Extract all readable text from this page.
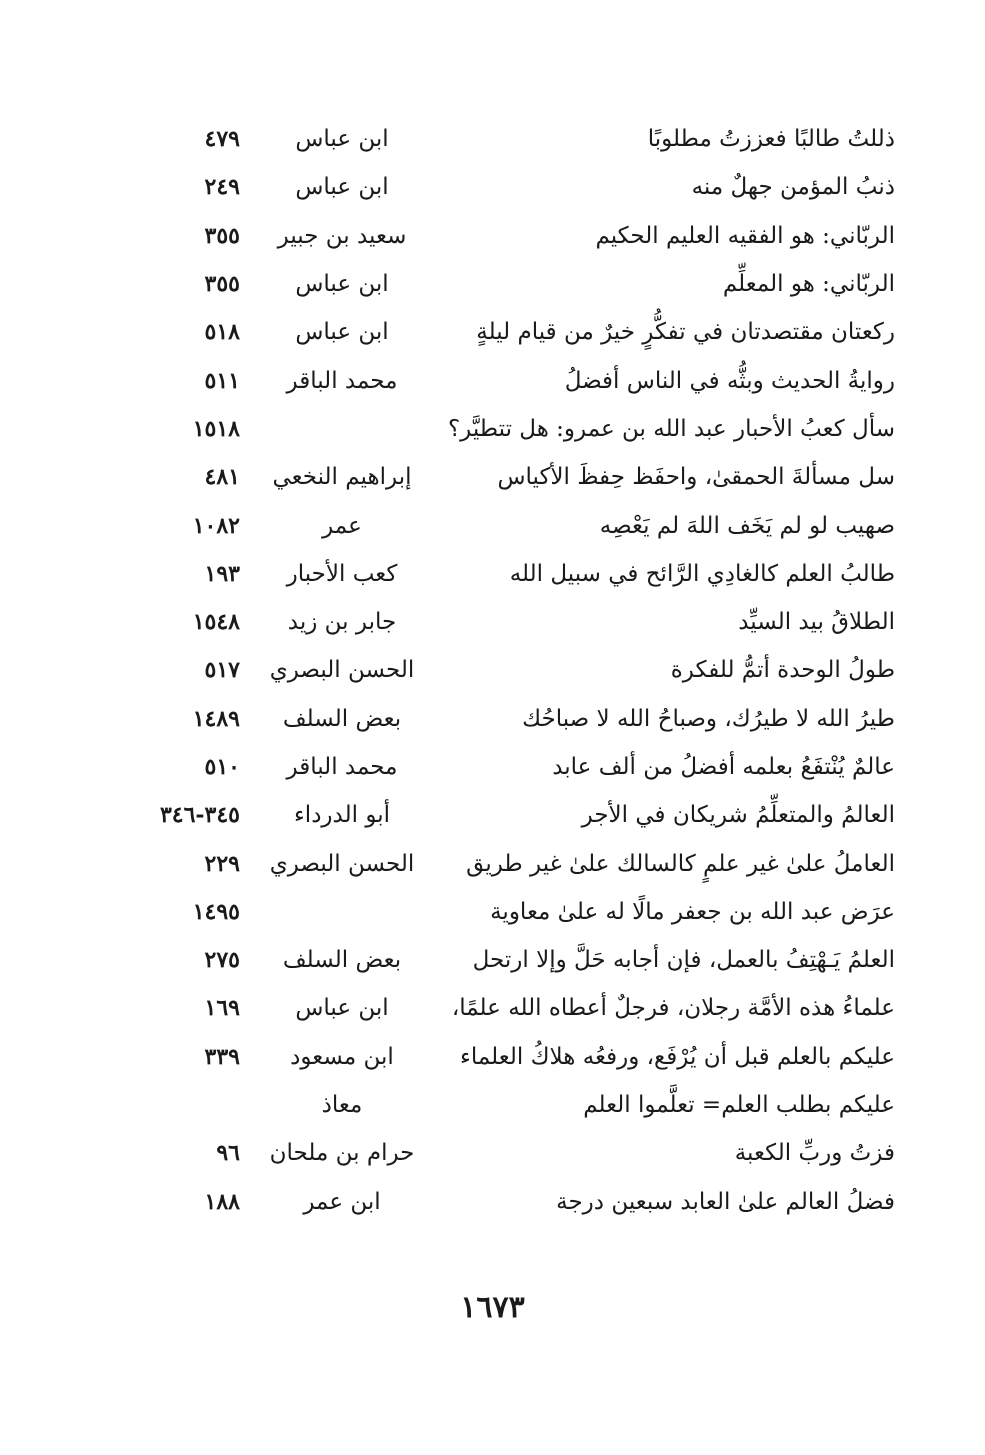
ذللتُ طالبًا فعززتُ مطلوبًا
ابن عباس
٤٧٩
ذنبُ المؤمن جهلٌ منه
ابن عباس
٢٤٩
الربّاني: هو الفقيه العليم الحكيم
سعيد بن جبير
٣٥٥
الربّاني: هو المعلِّم
ابن عباس
٣٥٥
ركعتان مقتصدتان في تفكُّرٍ خيرٌ من قيام ليلةٍ
ابن عباس
٥١٨
روايةُ الحديث وبثُّه في الناس أفضلُ
محمد الباقر
٥١١
سأل كعبُ الأحبار عبد الله بن عمرو: هل تتطيَّر؟
١٥١٨
سل مسألةَ الحمقىٰ، واحفَظ حِفظَ الأكياس
إبراهيم النخعي
٤٨١
صهيب لو لم يَخَف اللهَ لم يَعْصِه
عمر
١٠٨٢
طالبُ العلم كالغادِي الرَّائح في سبيل الله
كعب الأحبار
١٩٣
الطلاقُ بيد السيِّد
جابر بن زيد
١٥٤٨
طولُ الوحدة أتمُّ للفكرة
الحسن البصري
٥١٧
طيرُ الله لا طيرُك، وصباحُ الله لا صباحُك
بعض السلف
١٤٨٩
عالمٌ يُنْتفَعُ بعلمه أفضلُ من ألف عابد
محمد الباقر
٥١٠
العالمُ والمتعلِّمُ شريكان في الأجر
أبو الدرداء
٣٤٥-٣٤٦
العاملُ علىٰ غير علمٍ كالسالك علىٰ غير طريق
الحسن البصري
٢٢٩
عرَض عبد الله بن جعفر مالًا له علىٰ معاوية
١٤٩٥
العلمُ يَـهْتِفُ بالعمل، فإن أجابه حَلَّ وإلا ارتحل
بعض السلف
٢٧٥
علماءُ هذه الأمَّة رجلان، فرجلٌ أعطاه الله علمًا،
ابن عباس
١٦٩
عليكم بالعلم قبل أن يُرْفَع، ورفعُه هلاكُ العلماء
ابن مسعود
٣٣٩
عليكم بطلب العلم= تعلَّموا العلم
معاذ
فزتُ وربِّ الكعبة
حرام بن ملحان
٩٦
فضلُ العالم علىٰ العابد سبعين درجة
ابن عمر
١٨٨
١٦٧٣
